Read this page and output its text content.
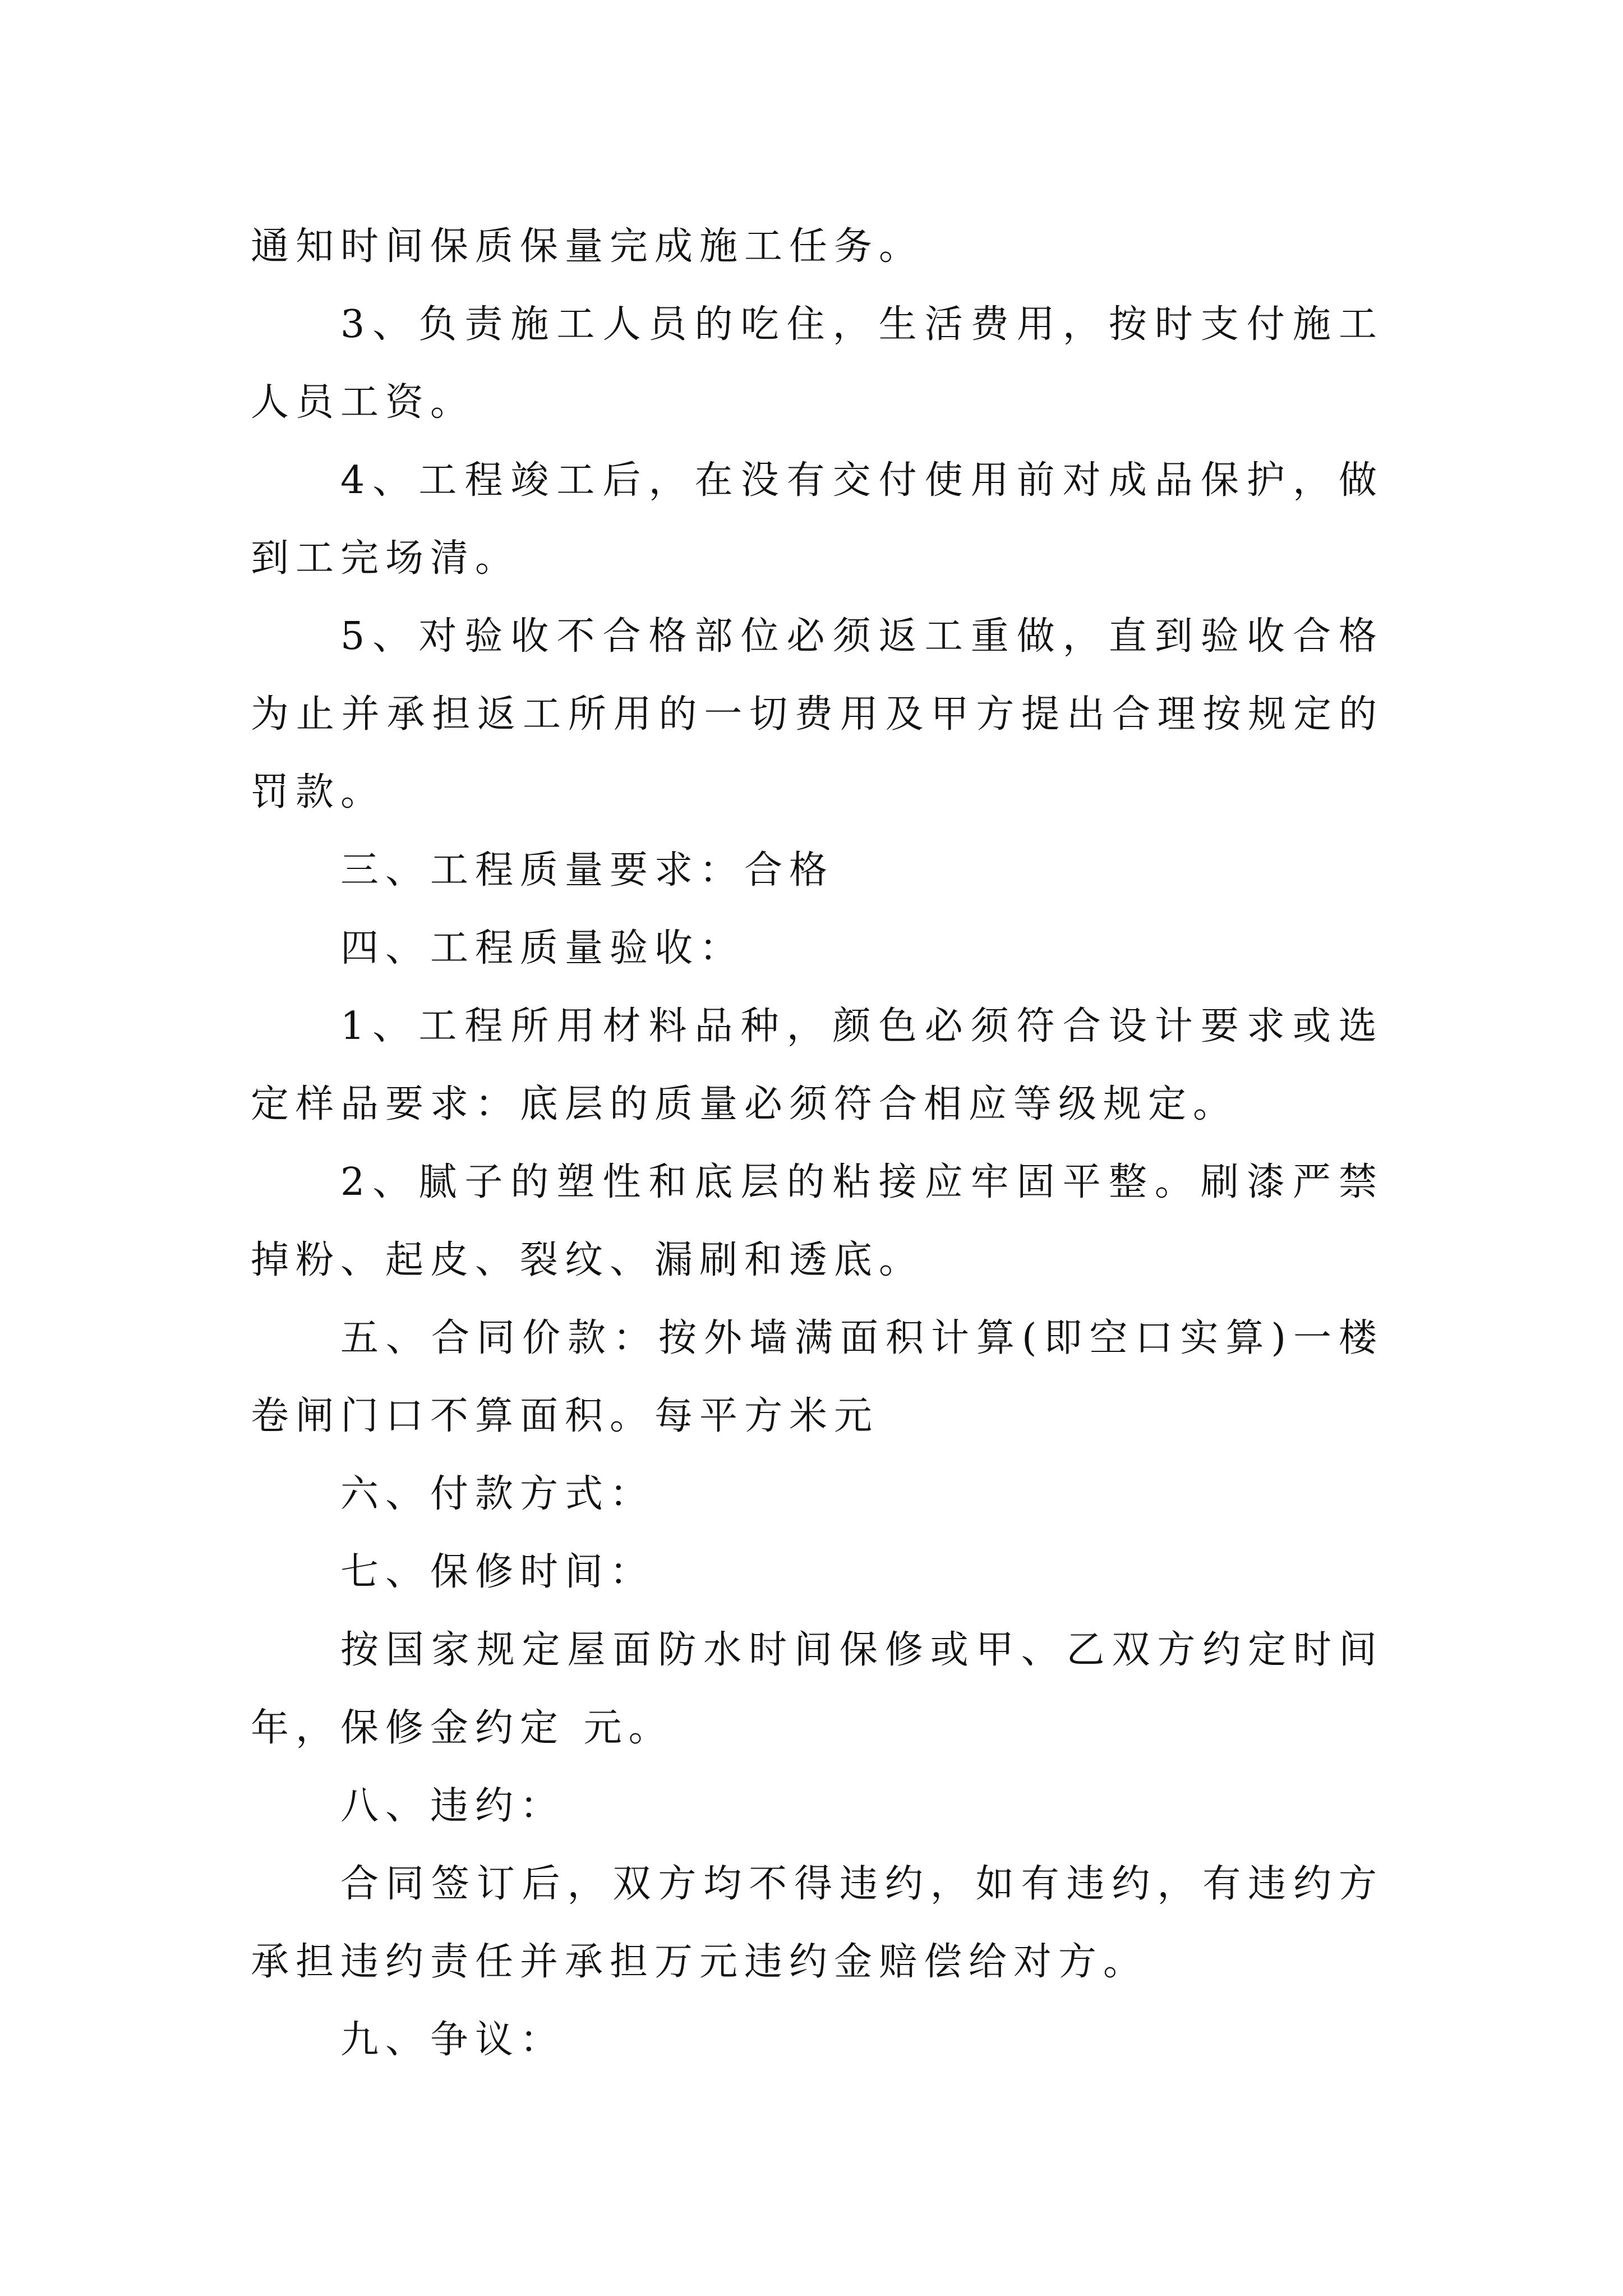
通知时间保质保量完成施工任务。

3、负责施工人员的吃住，生活费用，按时支付施工人员工资。

4、工程竣工后，在没有交付使用前对成品保护，做到工完场清。

5、对验收不合格部位必须返工重做，直到验收合格为止并承担返工所用的一切费用及甲方提出合理按规定的罚款。

三、工程质量要求：合格

四、工程质量验收：

1、工程所用材料品种，颜色必须符合设计要求或选定样品要求：底层的质量必须符合相应等级规定。

2、腻子的塑性和底层的粘接应牢固平整。刷漆严禁掉粉、起皮、裂纹、漏刷和透底。

五、合同价款：按外墙满面积计算(即空口实算)一楼卷闸门口不算面积。每平方米元

六、付款方式：

七、保修时间：

按国家规定屋面防水时间保修或甲、乙双方约定时间年，保修金约定 元。

八、违约：

合同签订后，双方均不得违约，如有违约，有违约方承担违约责任并承担万元违约金赔偿给对方。

九、争议：
